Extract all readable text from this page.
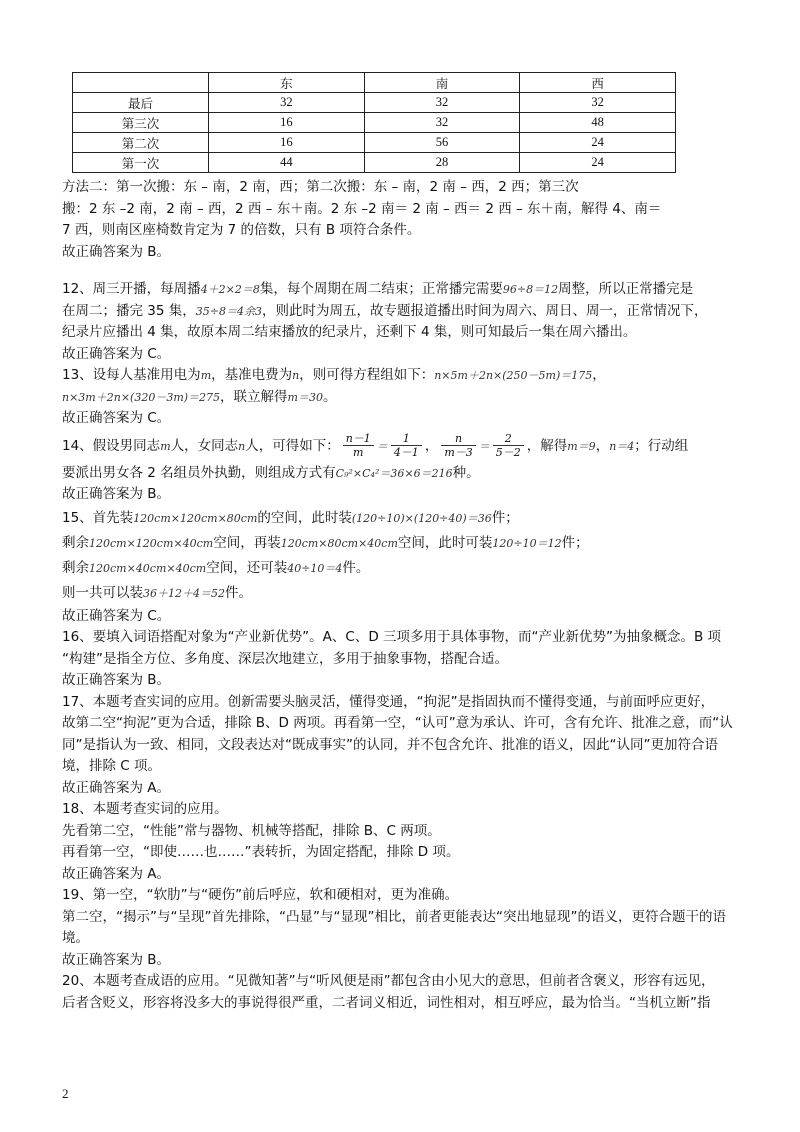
	东	南	西
最后	32	32	32
第三次	16	32	48
第二次	16	56	24
第一次	44	28	24

方法二：第一次搬：东 – 南，2 南，西；第二次搬：东 – 南，2 南 – 西，2 西；第三次

搬：2 东 –2 南，2 南 – 西，2 西 – 东＋南。2 东 –2 南＝ 2 南 – 西＝ 2 西 – 东＋南，解得 4、南＝

7 西，则南区座椅数肯定为 7 的倍数，只有 B 项符合条件。

故正确答案为 B。

12、周三开播，每周播4＋2×2＝8集，每个周期在周二结束；正常播完需要96÷8＝12周整，所以正常播完是

在周二；播完 35 集，35÷8＝4余3，则此时为周五，故专题报道播出时间为周六、周日、周一，正常情况下，

纪录片应播出 4 集，故原本周二结束播放的纪录片，还剩下 4 集，则可知最后一集在周六播出。

故正确答案为 C。

13、设每人基准用电为m，基准电费为n，则可得方程组如下：n×5m＋2n×(250－5m)＝175，

n×3m＋2n×(320－3m)＝275，联立解得m＝30。

故正确答案为 C。

14、假设男同志m人，女同志n人，可得如下： $\frac{n-1}{m} = \frac{1}{4-1}$ ， $\frac{n}{m-3} = \frac{2}{5-2}$ ，解得m＝9，n＝4；行动组

要派出男女各 2 名组员外执勤，则组成方式有C₉²×C₄²＝36×6＝216种。

故正确答案为 B。

15、首先装120cm×120cm×80cm的空间，此时装(120÷10)×(120÷40)＝36件；

剩余120cm×120cm×40cm空间，再装120cm×80cm×40cm空间，此时可装120÷10＝12件；

剩余120cm×40cm×40cm空间，还可装40÷10＝4件。

则一共可以装36＋12＋4＝52件。

故正确答案为 C。

16、要填入词语搭配对象为“产业新优势”。A、C、D 三项多用于具体事物，而“产业新优势”为抽象概念。B 项

“构建”是指全方位、多角度、深层次地建立，多用于抽象事物，搭配合适。

故正确答案为 B。

17、本题考查实词的应用。创新需要头脑灵活，懂得变通，“拘泥”是指固执而不懂得变通，与前面呼应更好，

故第二空“拘泥”更为合适，排除 B、D 两项。再看第一空，“认可”意为承认、许可，含有允许、批准之意，而“认

同”是指认为一致、相同，文段表达对“既成事实”的认同，并不包含允许、批准的语义，因此“认同”更加符合语

境，排除 C 项。

故正确答案为 A。

18、本题考查实词的应用。

先看第二空，“性能”常与器物、机械等搭配，排除 B、C 两项。

再看第一空，“即使……也……”表转折，为固定搭配，排除 D 项。

故正确答案为 A。

19、第一空，“软肋”与“硬伤”前后呼应，软和硬相对，更为准确。

第二空，“揭示”与“呈现”首先排除，“凸显”与“显现”相比，前者更能表达“突出地显现”的语义，更符合题干的语

境。

故正确答案为 B。

20、本题考查成语的应用。“见微知著”与“听风便是雨”都包含由小见大的意思，但前者含褒义，形容有远见，

后者含贬义，形容将没多大的事说得很严重，二者词义相近，词性相对，相互呼应，最为恰当。“当机立断”指

2
